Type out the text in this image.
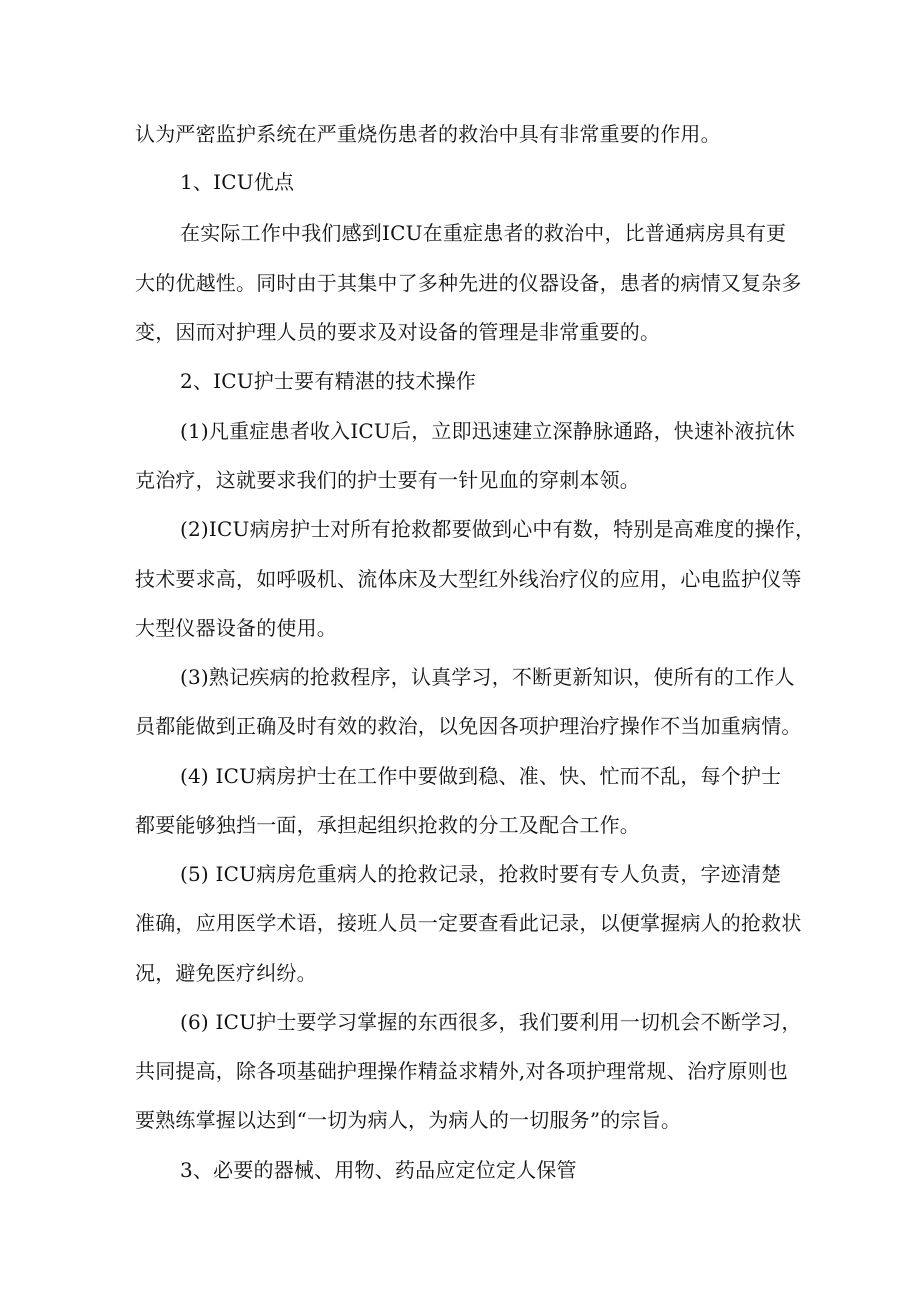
认为严密监护系统在严重烧伤患者的救治中具有非常重要的作用。
1、ICU优点
在实际工作中我们感到ICU在重症患者的救治中，比普通病房具有更
大的优越性。同时由于其集中了多种先进的仪器设备，患者的病情又复杂多
变，因而对护理人员的要求及对设备的管理是非常重要的。
2、ICU护士要有精湛的技术操作
(1)凡重症患者收入ICU后，立即迅速建立深静脉通路，快速补液抗休
克治疗，这就要求我们的护士要有一针见血的穿刺本领。
(2)ICU病房护士对所有抢救都要做到心中有数，特别是高难度的操作，
技术要求高，如呼吸机、流体床及大型红外线治疗仪的应用，心电监护仪等
大型仪器设备的使用。
(3)熟记疾病的抢救程序，认真学习，不断更新知识，使所有的工作人
员都能做到正确及时有效的救治，以免因各项护理治疗操作不当加重病情。
(4) ICU病房护士在工作中要做到稳、准、快、忙而不乱，每个护士
都要能够独挡一面，承担起组织抢救的分工及配合工作。
(5) ICU病房危重病人的抢救记录，抢救时要有专人负责，字迹清楚
准确，应用医学术语，接班人员一定要查看此记录，以便掌握病人的抢救状
况，避免医疗纠纷。
(6) ICU护士要学习掌握的东西很多，我们要利用一切机会不断学习，
共同提高，除各项基础护理操作精益求精外,对各项护理常规、治疗原则也
要熟练掌握以达到“一切为病人，为病人的一切服务”的宗旨。
3、必要的器械、用物、药品应定位定人保管
